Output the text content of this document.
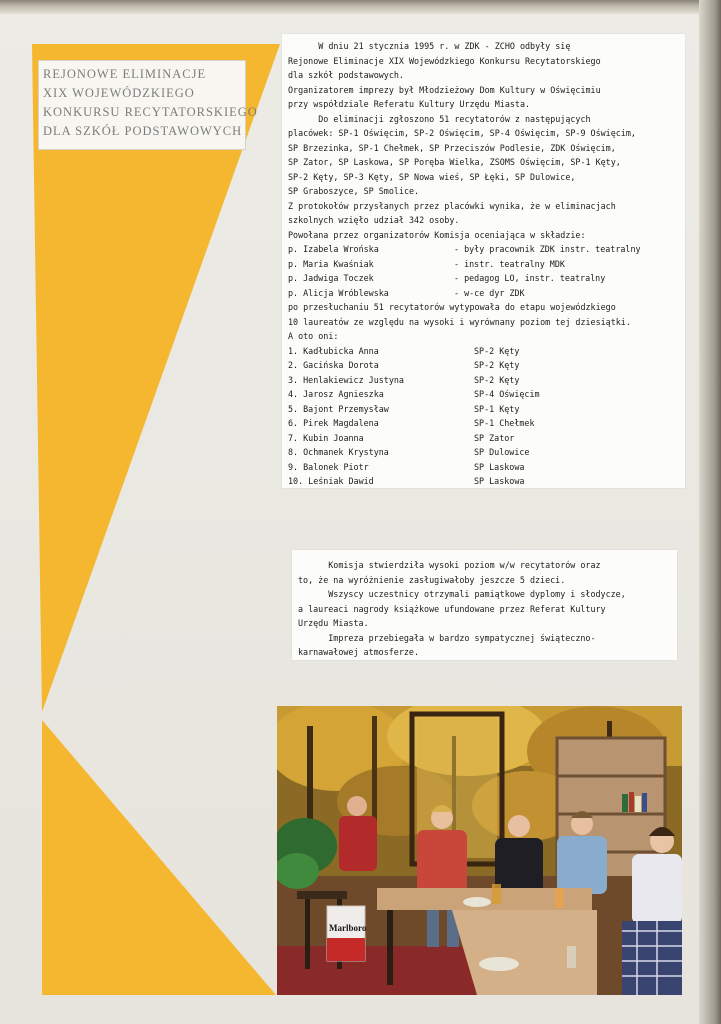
REJONOWE ELIMINACJE
XIX WOJEWÓDZKIEGO
KONKURSU RECYTATORSKIEGO
DLA SZKÓŁ PODSTAWOWYCH
W dniu 21 stycznia 1995 r. w ZDK - ZCHO odbyły się
Rejonowe Eliminacje XIX Wojewódzkiego Konkursu Recytatorskiego
dla szkół podstawowych.
Organizatorem imprezy był Młodzieżowy Dom Kultury w Oświęcimiu
przy współdziale Referatu Kultury Urzędu Miasta.
Do eliminacji zgłoszono 51 recytatorów z następujących
placówek: SP-1 Oświęcim, SP-2 Oświęcim, SP-4 Oświęcim, SP-9 Oświęcim,
SP Brzezinka, SP-1 Chełmek, SP Przeciszów Podlesie, ZDK Oświęcim,
SP Zator, SP Laskowa, SP Poręba Wielka, ZSOMS Oświęcim, SP-1 Kęty,
SP-2 Kęty, SP-3 Kęty, SP Nowa wieś, SP Łęki, SP Dulowice,
SP Graboszyce, SP Smolice.
Z protokołów przysłanych przez placówki wynika, że w eliminacjach
szkolnych wzięło udział 342 osoby.
Powołana przez organizatorów Komisja oceniająca w składzie:
p. Izabela Wrońska	- były pracownik ZDK instr. teatralny
p. Maria Kwaśniak	- instr. teatralny MDK
p. Jadwiga Toczek	- pedagog LO, instr. teatralny
p. Alicja Wróblewska	- w-ce dyr ZDK
po przesłuchaniu 51 recytatorów wytypowała do etapu wojewódzkiego
10 laureatów ze względu na wysoki i wyrównany poziom tej dziesiątki.
A oto oni:
1. Kadłubicka Anna	SP-2 Kęty
2. Gacińska Dorota	SP-2 Kęty
3. Henlakiewicz Justyna	SP-2 Kęty
4. Jarosz Agnieszka	SP-4 Oświęcim
5. Bajont Przemysław	SP-1 Kęty
6. Pirek Magdalena	SP-1 Chełmek
7. Kubin Joanna	SP Zator
8. Ochmanek Krystyna	SP Dulowice
9. Balonek Piotr	SP Laskowa
10. Leśniak Dawid	SP Laskowa
Komisja stwierdziła wysoki poziom w/w recytatorów oraz
to, że na wyróżnienie zasługiwałoby jeszcze 5 dzieci.
Wszyscy uczestnicy otrzymali pamiątkowe dyplomy i słodycze,
a laureaci nagrody książkowe ufundowane przez Referat Kultury
Urzędu Miasta.
Impreza przebiegała w bardzo sympatycznej świąteczno-
karnawałowej atmosferze.
Marlboro
